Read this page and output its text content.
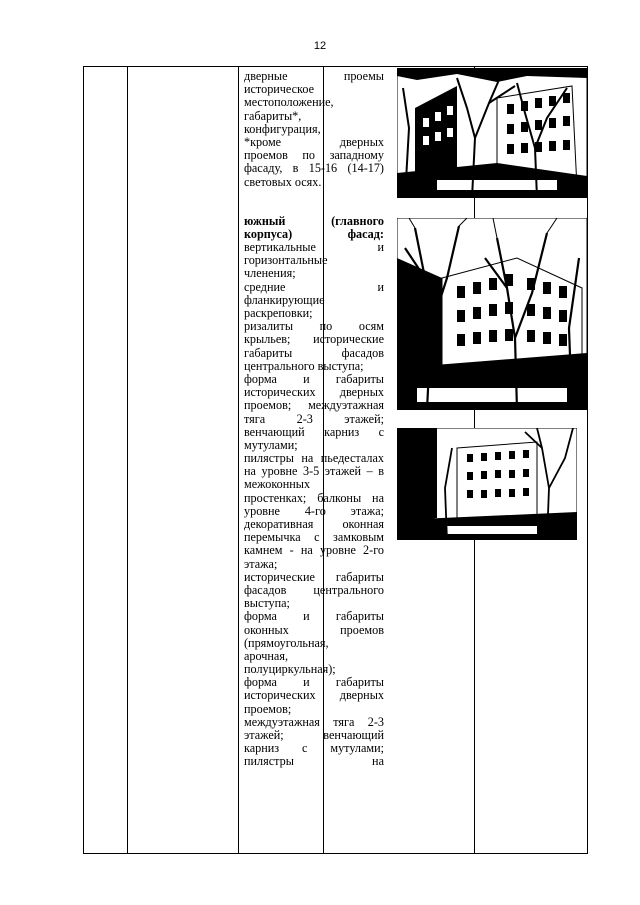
12
дверные проемы
историческое
местоположение,
габариты*,
конфигурация,
*кроме дверных
проемов по западному
фасаду, в 15-16 (14-17)
световых осях.
южный (главного
корпуса) фасад:
вертикальные и
горизонтальные
членения;
средние и
фланкирующие
раскреповки;
ризалиты по осям
крыльев; исторические
габариты фасадов
центрального выступа;
форма и габариты
исторических дверных
проемов; междуэтажная
тяга 2-3 этажей;
венчающий карниз с
мутулами;
пилястры на пьедесталах
на уровне 3-5 этажей – в
межоконных
простенках; балконы на
уровне 4-го этажа;
декоративная оконная
перемычка с замковым
камнем - на уровне 2-го
этажа;
исторические габариты
фасадов центрального
выступа;
форма и габариты
оконных проемов
(прямоугольная,
арочная,
полуциркульная);
форма и габариты
исторических дверных
проемов;
междуэтажная тяга 2-3
этажей; венчающий
карниз с мутулами;
пилястры на
